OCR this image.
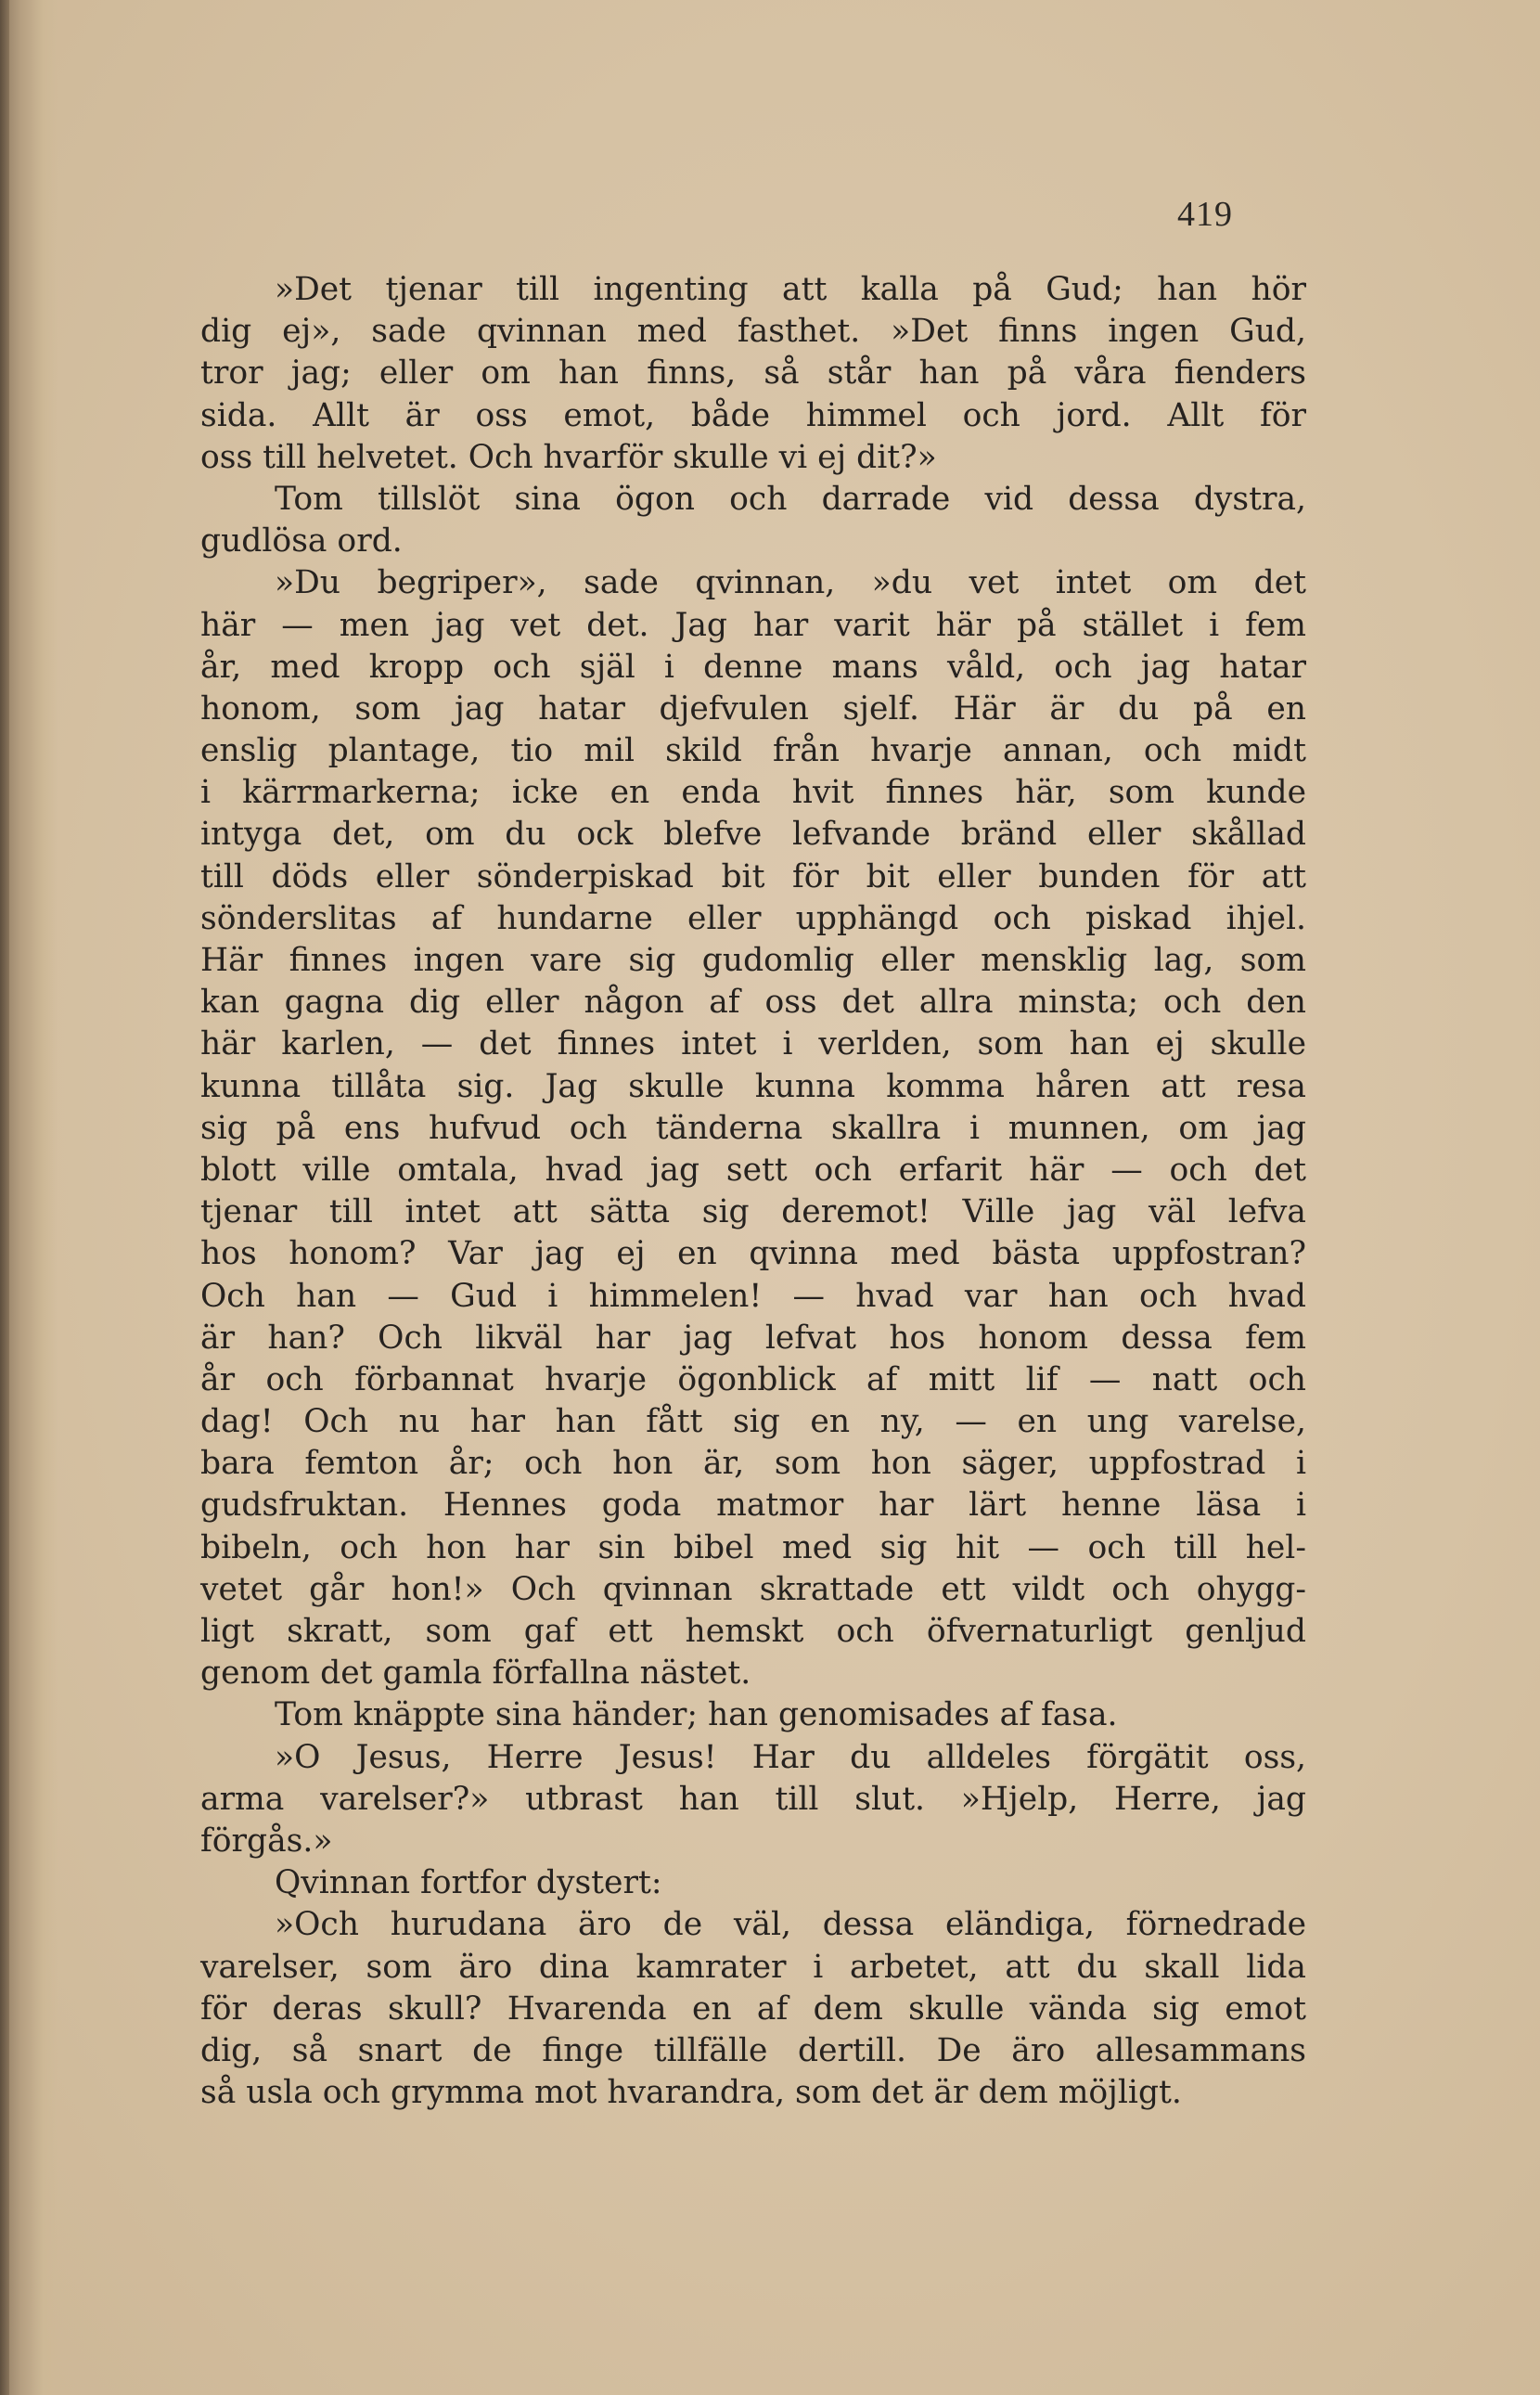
419
»Det tjenar till ingenting att kalla på Gud; han hör
dig ej», sade qvinnan med fasthet. »Det finns ingen Gud,
tror jag; eller om han finns, så står han på våra fienders
sida. Allt är oss emot, både himmel och jord. Allt för
oss till helvetet. Och hvarför skulle vi ej dit?»
Tom tillslöt sina ögon och darrade vid dessa dystra,
gudlösa ord.
»Du begriper», sade qvinnan, »du vet intet om det
här — men jag vet det. Jag har varit här på stället i fem
år, med kropp och själ i denne mans våld, och jag hatar
honom, som jag hatar djefvulen sjelf. Här är du på en
enslig plantage, tio mil skild från hvarje annan, och midt
i kärrmarkerna; icke en enda hvit finnes här, som kunde
intyga det, om du ock blefve lefvande bränd eller skållad
till döds eller sönderpiskad bit för bit eller bunden för att
sönderslitas af hundarne eller upphängd och piskad ihjel.
Här finnes ingen vare sig gudomlig eller mensklig lag, som
kan gagna dig eller någon af oss det allra minsta; och den
här karlen, — det finnes intet i verlden, som han ej skulle
kunna tillåta sig. Jag skulle kunna komma håren att resa
sig på ens hufvud och tänderna skallra i munnen, om jag
blott ville omtala, hvad jag sett och erfarit här — och det
tjenar till intet att sätta sig deremot! Ville jag väl lefva
hos honom? Var jag ej en qvinna med bästa uppfostran?
Och han — Gud i himmelen! — hvad var han och hvad
är han? Och likväl har jag lefvat hos honom dessa fem
år och förbannat hvarje ögonblick af mitt lif — natt och
dag! Och nu har han fått sig en ny, — en ung varelse,
bara femton år; och hon är, som hon säger, uppfostrad i
gudsfruktan. Hennes goda matmor har lärt henne läsa i
bibeln, och hon har sin bibel med sig hit — och till hel-
vetet går hon!» Och qvinnan skrattade ett vildt och ohygg-
ligt skratt, som gaf ett hemskt och öfvernaturligt genljud
genom det gamla förfallna nästet.
Tom knäppte sina händer; han genomisades af fasa.
»O Jesus, Herre Jesus! Har du alldeles förgätit oss,
arma varelser?» utbrast han till slut. »Hjelp, Herre, jag
förgås.»
Qvinnan fortfor dystert:
»Och hurudana äro de väl, dessa eländiga, förnedrade
varelser, som äro dina kamrater i arbetet, att du skall lida
för deras skull? Hvarenda en af dem skulle vända sig emot
dig, så snart de finge tillfälle dertill. De äro allesammans
så usla och grymma mot hvarandra, som det är dem möjligt.
